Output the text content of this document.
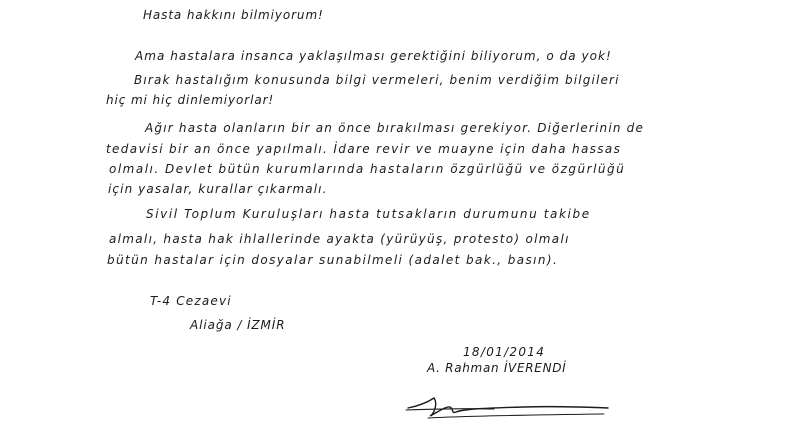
Hasta hakkını bilmiyorum!
Ama hastalara insanca yaklaşılması gerektiğini biliyorum, o da yok!
Bırak hastalığım konusunda bilgi vermeleri, benim verdiğim bilgileri
hiç mi hiç dinlemiyorlar!
Ağır hasta olanların bir an önce bırakılması gerekiyor. Diğerlerinin de
tedavisi bir an önce yapılmalı. İdare revir ve muayne için daha hassas
olmalı. Devlet bütün kurumlarında hastaların özgürlüğü ve özgürlüğü
için yasalar, kurallar çıkarmalı.
Sivil Toplum Kuruluşları hasta tutsakların durumunu takibe
almalı, hasta hak ihlallerinde ayakta (yürüyüş, protesto) olmalı
bütün hastalar için dosyalar sunabilmeli (adalet bak., basın).
T-4 Cezaevi
Aliağa / İZMİR
18/01/2014
A. Rahman İVERENDİ
